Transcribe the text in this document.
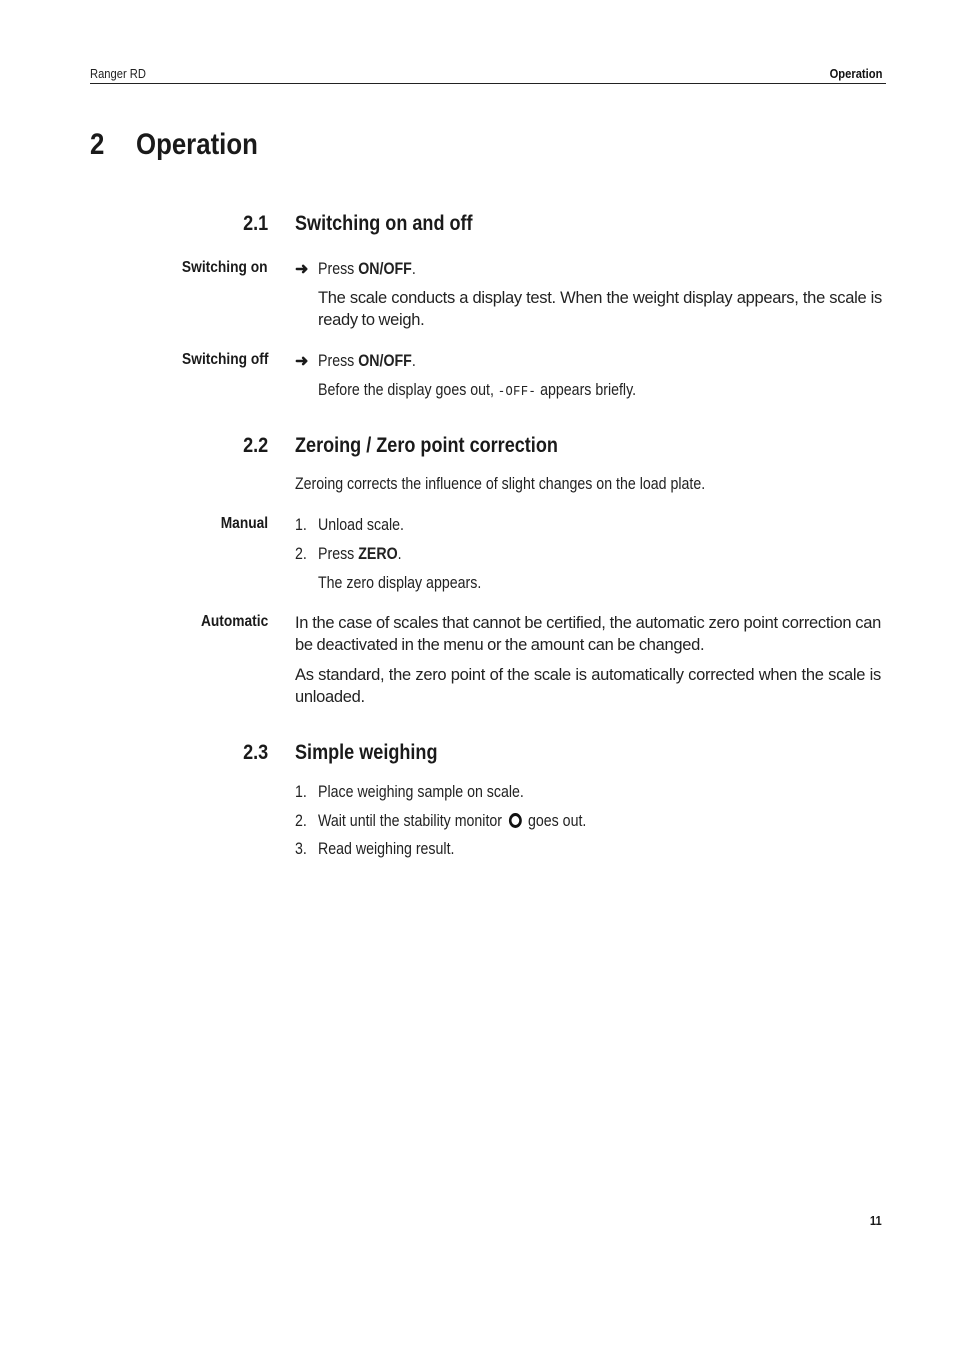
Ranger RD	Operation
2 Operation
2.1 Switching on and off
Switching on ➜ Press ON/OFF.

The scale conducts a display test. When the weight display appears, the scale is ready to weigh.

Switching off ➜ Press ON/OFF.
Before the display goes out, -OFF- appears briefly.
2.2 Zeroing / Zero point correction
Zeroing corrects the influence of slight changes on the load plate.
Manual 1. Unload scale.
2. Press ZERO.
The zero display appears.
Automatic In the case of scales that cannot be certified, the automatic zero point correction can be deactivated in the menu or the amount can be changed.

As standard, the zero point of the scale is automatically corrected when the scale is unloaded.

2.3 Simple weighing
1. Place weighing sample on scale.
2. Wait until the stability monitor goes out.
3. Read weighing result.
11
